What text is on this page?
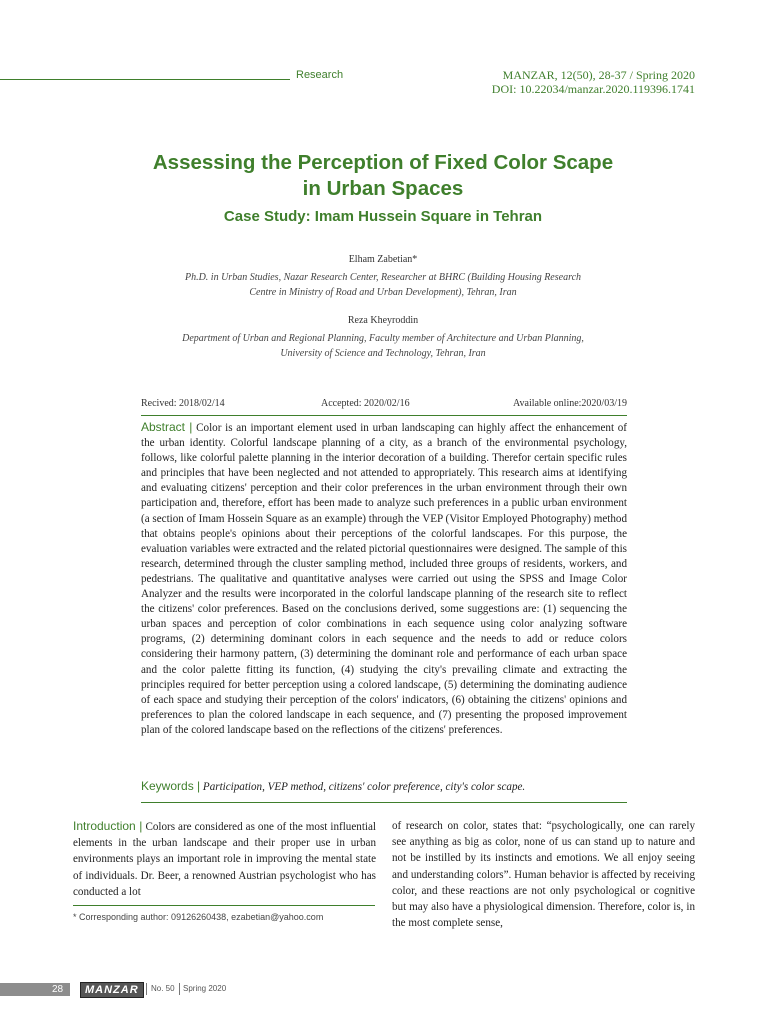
Research	MANZAR, 12(50), 28-37 / Spring 2020
DOI: 10.22034/manzar.2020.119396.1741
Assessing the Perception of Fixed Color Scape
in Urban Spaces
Case Study: Imam Hussein Square in Tehran
Elham Zabetian*
Ph.D. in Urban Studies, Nazar Research Center, Researcher at BHRC (Building Housing Research
Centre in Ministry of Road and Urban Development), Tehran, Iran
Reza Kheyroddin
Department of Urban and Regional Planning, Faculty member of Architecture and Urban Planning,
University of Science and Technology, Tehran, Iran
Recived: 2018/02/14	Accepted: 2020/02/16	Available online:2020/03/19

Abstract | Color is an important element used in urban landscaping can highly affect the enhancement of the urban identity. Colorful landscape planning of a city, as a branch of the environmental psychology, follows, like colorful palette planning in the interior decoration of a building. Therefor certain specific rules and principles that have been neglected and not attended to appropriately. This research aims at identifying and evaluating citizens' perception and their color preferences in the urban environment through their own participation and, therefore, effort has been made to analyze such preferences in a public urban environment (a section of Imam Hossein Square as an example) through the VEP (Visitor Employed Photography) method that obtains people's opinions about their perceptions of the colorful landscapes. For this purpose, the evaluation variables were extracted and the related pictorial questionnaires were designed. The sample of this research, determined through the cluster sampling method, included three groups of residents, workers, and pedestrians. The qualitative and quantitative analyses were carried out using the SPSS and Image Color Analyzer and the results were incorporated in the colorful landscape planning of the research site to reflect the citizens' color preferences. Based on the conclusions derived, some suggestions are: (1) sequencing the urban spaces and perception of color combinations in each sequence using color analyzing software programs, (2) determining dominant colors in each sequence and the needs to add or reduce colors considering their harmony pattern, (3) determining the dominant role and performance of each urban space and the color palette fitting its function, (4) studying the city's prevailing climate and extracting the principles required for better perception using a colored landscape, (5) determining the dominating audience of each space and studying their perception of the colors' indicators, (6) obtaining the citizens' opinions and preferences to plan the colored landscape in each sequence, and (7) presenting the proposed improvement plan of the colored landscape based on the reflections of the citizens' preferences.

Keywords | Participation, VEP method, citizens' color preference, city's color scape.

Introduction | Colors are considered as one of the most influential elements in the urban landscape and their proper use in urban environments plays an important role in improving the mental state of individuals. Dr. Beer, a renowned Austrian psychologist who has conducted a lot

of research on color, states that: “psychologically, one can rarely see anything as big as color, none of us can stand up to nature and not be instilled by its instincts and emotions. We all enjoy seeing and understanding colors”. Human behavior is affected by receiving color, and these reactions are not only psychological or cognitive but may also have a physiological dimension. Therefore, color is, in the most complete sense,

* Corresponding author: 09126260438, ezabetian@yahoo.com
28	MANZAR	No. 50 Spring 2020
